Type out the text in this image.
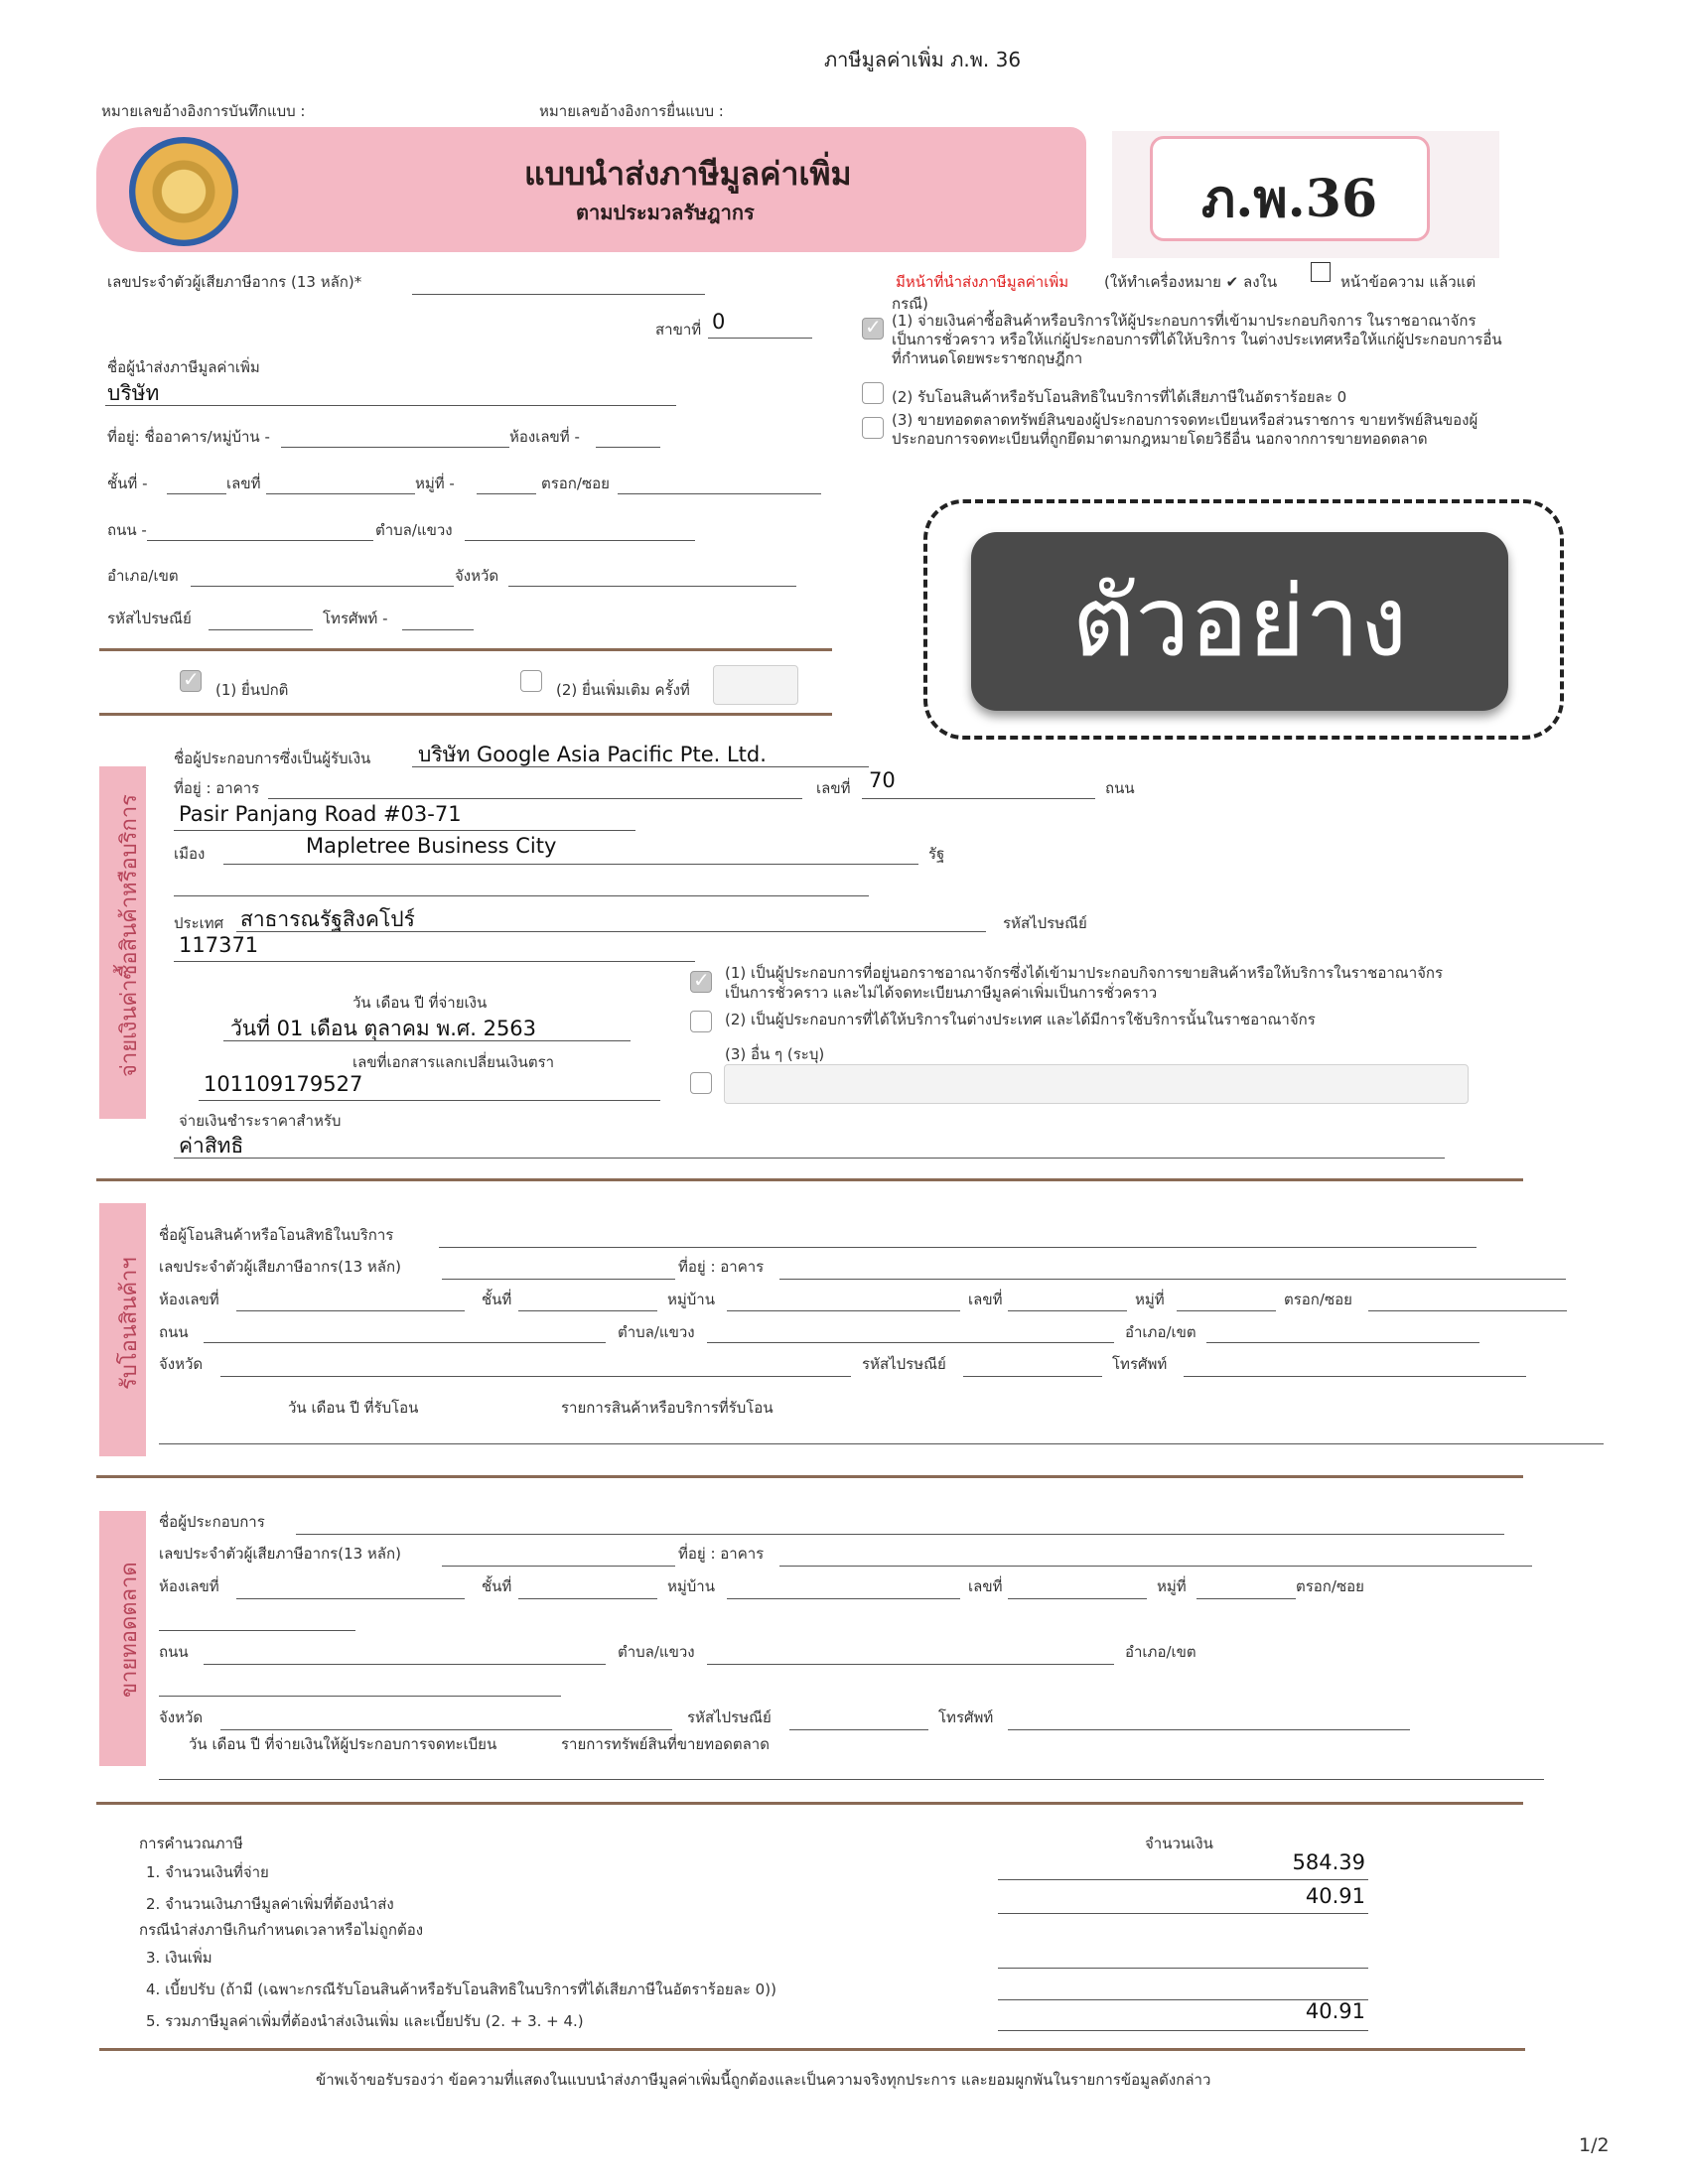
ภาษีมูลค่าเพิ่ม ภ.พ. 36
หมายเลขอ้างอิงการบันทึกแบบ :	หมายเลขอ้างอิงการยื่นแบบ :
แบบนำส่งภาษีมูลค่าเพิ่ม
ตามประมวลรัษฎากร	ภ.พ.36
เลขประจำตัวผู้เสียภาษีอากร (13 หลัก)*
สาขาที่ 0
ชื่อผู้นำส่งภาษีมูลค่าเพิ่ม
บริษัท
ที่อยู่: ชื่ออาคาร/หมู่บ้าน -	ห้องเลขที่ -
ชั้นที่ -	เลขที่	หมู่ที่ -	ตรอก/ซอย
ถนน -	ตำบล/แขวง
อำเภอ/เขต	จังหวัด
รหัสไปรษณีย์	โทรศัพท์ -
✓
(1) ยื่นปกติ	(2) ยื่นเพิ่มเติม ครั้งที่
มีหน้าที่นำส่งภาษีมูลค่าเพิ่ม (ให้ทำเครื่องหมาย ✔ ลงใน	หน้าข้อความ แล้วแต่
กรณี)
✓
(1) จ่ายเงินค่าซื้อสินค้าหรือบริการให้ผู้ประกอบการที่เข้ามาประกอบกิจการ ในราชอาณาจักรเป็นการชั่วคราว หรือให้แก่ผู้ประกอบการที่ได้ให้บริการ ในต่างประเทศหรือให้แก่ผู้ประกอบการอื่นที่กำหนดโดยพระราชกฤษฎีกา
(2) รับโอนสินค้าหรือรับโอนสิทธิในบริการที่ได้เสียภาษีในอัตราร้อยละ 0
(3) ขายทอดตลาดทรัพย์สินของผู้ประกอบการจดทะเบียนหรือส่วนราชการ ขายทรัพย์สินของผู้ประกอบการจดทะเบียนที่ถูกยึดมาตามกฎหมายโดยวิธีอื่น นอกจากการขายทอดตลาด
ตัวอย่าง
จ่ายเงินค่าซื้อสินค้าหรือบริการ
ชื่อผู้ประกอบการซึ่งเป็นผู้รับเงิน บริษัท Google Asia Pacific Pte. Ltd.
ที่อยู่ : อาคาร	เลขที่ 70	ถนน
Pasir Panjang Road #03-71
เมือง	Mapletree Business City	รัฐ
ประเทศ สาธารณรัฐสิงคโปร์	รหัสไปรษณีย์
117371
วัน เดือน ปี ที่จ่ายเงิน
วันที่ 01 เดือน ตุลาคม พ.ศ. 2563
เลขที่เอกสารแลกเปลี่ยนเงินตรา
101109179527
จ่ายเงินชำระราคาสำหรับ
ค่าสิทธิ
✓
(1) เป็นผู้ประกอบการที่อยู่นอกราชอาณาจักรซึ่งได้เข้ามาประกอบกิจการขายสินค้าหรือให้บริการในราชอาณาจักรเป็นการชั่วคราว และไม่ได้จดทะเบียนภาษีมูลค่าเพิ่มเป็นการชั่วคราว
(2) เป็นผู้ประกอบการที่ได้ให้บริการในต่างประเทศ และได้มีการใช้บริการนั้นในราชอาณาจักร
(3) อื่น ๆ (ระบุ)
รับโอนสินค้าฯ
ชื่อผู้โอนสินค้าหรือโอนสิทธิในบริการ
เลขประจำตัวผู้เสียภาษีอากร(13 หลัก)	ที่อยู่ : อาคาร
ห้องเลขที่	ชั้นที่	หมู่บ้าน	เลขที่	หมู่ที่	ตรอก/ซอย
ถนน	ตำบล/แขวง	อำเภอ/เขต
จังหวัด	รหัสไปรษณีย์	โทรศัพท์
วัน เดือน ปี ที่รับโอน	รายการสินค้าหรือบริการที่รับโอน
ขายทอดตลาด
ชื่อผู้ประกอบการ
เลขประจำตัวผู้เสียภาษีอากร(13 หลัก)	ที่อยู่ : อาคาร
ห้องเลขที่	ชั้นที่	หมู่บ้าน	เลขที่	หมู่ที่	ตรอก/ซอย
ถนน	ตำบล/แขวง	อำเภอ/เขต
จังหวัด	รหัสไปรษณีย์	โทรศัพท์
วัน เดือน ปี ที่จ่ายเงินให้ผู้ประกอบการจดทะเบียน	รายการทรัพย์สินที่ขายทอดตลาด
การคำนวณภาษี	จำนวนเงิน
1. จำนวนเงินที่จ่าย	584.39
2. จำนวนเงินภาษีมูลค่าเพิ่มที่ต้องนำส่ง	40.91
กรณีนำส่งภาษีเกินกำหนดเวลาหรือไม่ถูกต้อง
3. เงินเพิ่ม
4. เบี้ยปรับ (ถ้ามี (เฉพาะกรณีรับโอนสินค้าหรือรับโอนสิทธิในบริการที่ได้เสียภาษีในอัตราร้อยละ 0))
5. รวมภาษีมูลค่าเพิ่มที่ต้องนำส่งเงินเพิ่ม และเบี้ยปรับ (2. + 3. + 4.)	40.91
ข้าพเจ้าขอรับรองว่า ข้อความที่แสดงในแบบนำส่งภาษีมูลค่าเพิ่มนี้ถูกต้องและเป็นความจริงทุกประการ และยอมผูกพันในรายการข้อมูลดังกล่าว
1/2
